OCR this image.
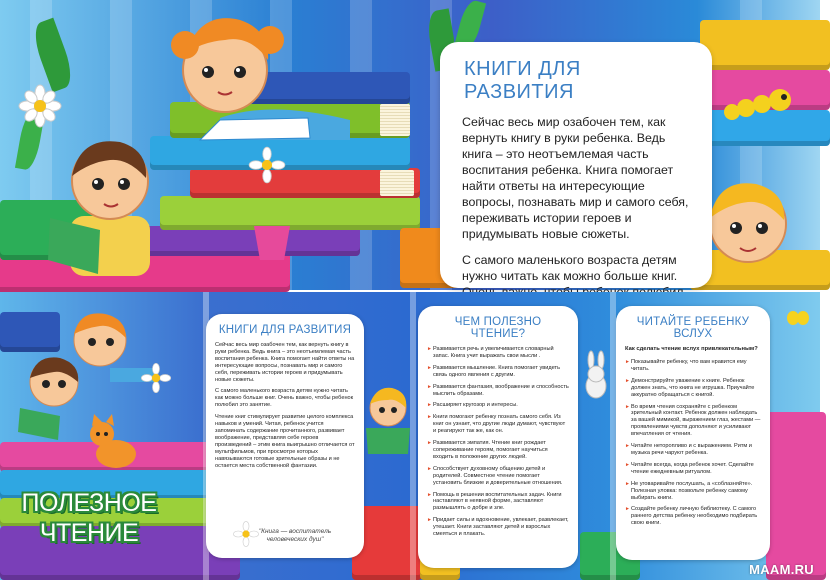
КНИГИ ДЛЯ РАЗВИТИЯ

Сейчас весь мир озабочен тем, как вернуть книгу в руки ребенка. Ведь книга – это неотъемлемая часть воспитания ребенка. Книга помогает найти ответы на интересующие вопросы, познавать мир и самого себя, переживать истории героев и придумывать новые сюжеты.

С самого маленького возраста детям нужно читать как можно больше книг.

КНИГИ ДЛЯ РАЗВИТИЯ

Сейчас весь мир озабочен тем, как вернуть книгу в руки ребенка. Ведь книга – это неотъемлемая часть воспитания ребенка. Книга помогает найти ответы на интересующие вопросы, познавать мир и самого себя, переживать истории героев и придумывать новые сюжеты.

С самого маленького возраста детям нужно читать как можно больше книг. Очень важно, чтобы ребенок полюбил это занятие.

Чтение книг стимулирует развитие целого комплекса навыков и умений. Читая, ребенок учится запоминать содержание прочитанного, развивает воображение, представляя себе героев произведений – этим книга выигрышно отличается от мультфильмов, при просмотре которых навязываются готовые зрительные образы и не остается места собственной фантазии.

"Книга — воспитатель человеческих душ"
ЧЕМ ПОЛЕЗНО ЧТЕНИЕ?

► Развивается речь и увеличивается словарный запас. Книга учит выражать свои мысли .

► Развивается мышление. Книга помогает увидеть связь одного явления с другим.

► Развивается фантазия, воображение и способность мыслить образами.

► Расширяет кругозор и интересы.

► Книги помогают ребенку познать самого себя. Из книг он узнает, что другие люди думают, чувствуют и реагируют так же, как он.

► Развивается эмпатия. Чтение книг рождает сопереживание героям, помогает научиться входить в положение других людей.

► Способствует духовному общению детей и родителей. Совместное чтение помогает установить близкие и доверительные отношения.

► Помощь в решении воспитательных задач. Книги наставляют в неявной форме, заставляют размышлять о добре и зле.

► Придает силы и вдохновение, увлекает, развлекает, утешает. Книги заставляют детей и взрослых смеяться и плакать.

ЧИТАЙТЕ РЕБЕНКУ ВСЛУХ

Как сделать чтение вслух привлекательным?

► Показывайте ребенку, что вам нравится ему читать.

► Демонстрируйте уважение к книге. Ребенок должен знать, что книга не игрушка. Приучайте аккуратно обращаться с книгой.

► Во время чтения сохраняйте с ребенком зрительный контакт. Ребенок должен наблюдать за вашей мимикой, выражением глаз, жестами — проявлениями чувств дополняют и усиливают впечатления от чтения.

► Читайте неторопливо и с выражением. Ритм и музыка речи чаруют ребенка.

► Читайте всегда, когда ребенок хочет. Сделайте чтение ежедневным ритуалом.

► Не уговаривайте послушать, а «соблазняйте». Полезная уловка: позвольте ребенку самому выбирать книги.

► Создайте ребенку личную библиотеку. С самого раннего детства ребенку необходимо подбирать свою книги.

ПОЛЕЗНОЕ
ЧТЕНИЕ
MAAM.RU
